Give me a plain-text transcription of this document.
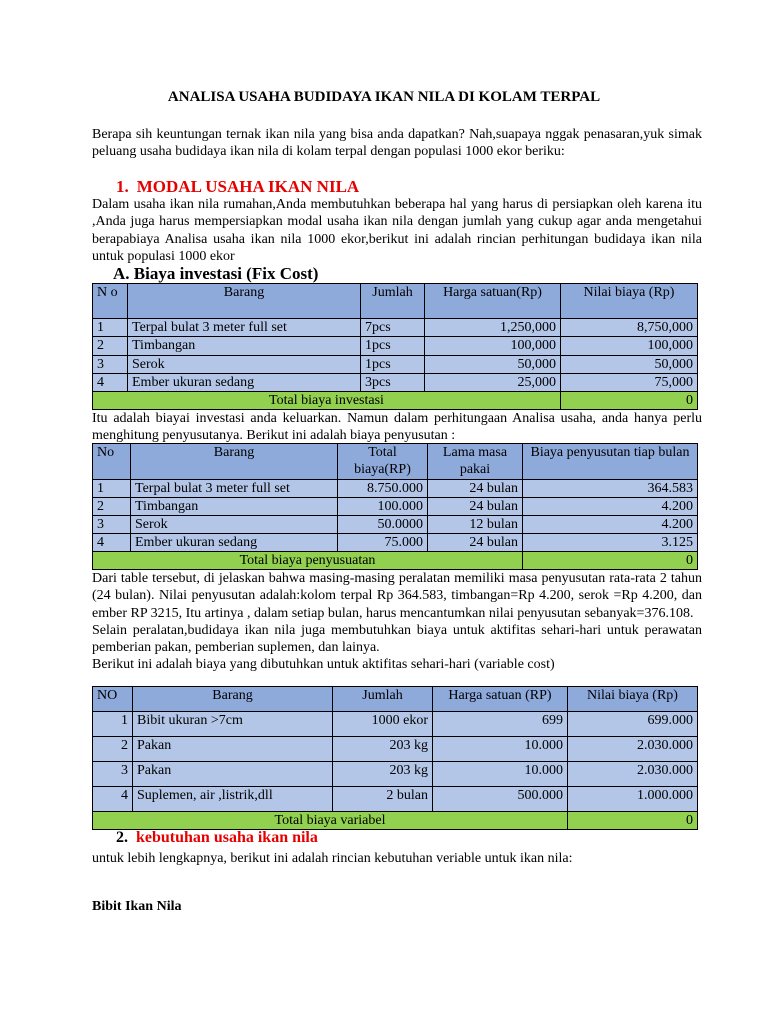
ANALISA USAHA BUDIDAYA IKAN NILA DI KOLAM TERPAL
Berapa sih keuntungan ternak ikan nila yang bisa anda dapatkan? Nah,suapaya nggak penasaran,yuk simak peluang usaha budidaya ikan nila di kolam terpal dengan populasi 1000 ekor beriku:
1. MODAL USAHA IKAN NILA
Dalam usaha ikan nila rumahan,Anda membutuhkan beberapa hal yang harus di persiapkan oleh karena itu ,Anda juga harus mempersiapkan modal usaha ikan nila dengan jumlah yang cukup agar anda mengetahui berapabiaya Analisa usaha ikan nila 1000 ekor,berikut ini adalah rincian perhitungan budidaya ikan nila untuk populasi 1000 ekor
A. Biaya investasi (Fix Cost)
N o	Barang	Jumlah	Harga satuan(Rp)	Nilai biaya (Rp)
1	Terpal bulat 3 meter full set	7pcs	1,250,000	8,750,000
2	Timbangan	1pcs	100,000	100,000
3	Serok	1pcs	50,000	50,000
4	Ember ukuran sedang	3pcs	25,000	75,000
Total biaya investasi				0
Itu adalah biayai investasi anda keluarkan. Namun dalam perhitungaan Analisa usaha, anda hanya perlu menghitung penyusutanya. Berikut ini adalah biaya penyusutan :
No	Barang	Total biaya(RP)	Lama masa pakai	Biaya penyusutan tiap bulan
1	Terpal bulat 3 meter full set	8.750.000	24 bulan	364.583
2	Timbangan	100.000	24 bulan	4.200
3	Serok	50.0000	12 bulan	4.200
4	Ember ukuran sedang	75.000	24 bulan	3.125
Total biaya penyusuatan				0

Dari table tersebut, di jelaskan bahwa masing-masing peralatan memiliki masa penyusutan rata-rata 2 tahun (24 bulan). Nilai penyusutan adalah:kolom terpal Rp 364.583, timbangan=Rp 4.200, serok =Rp 4.200, dan ember RP 3215, Itu artinya , dalam setiap bulan, harus mencantumkan nilai penyusutan sebanyak=376.108.

Selain peralatan,budidaya ikan nila juga membutuhkan biaya untuk aktifitas sehari-hari untuk perawatan pemberian pakan, pemberian suplemen, dan lainya.

Berikut ini adalah biaya yang dibutuhkan untuk aktifitas sehari-hari (variable cost)

NO	Barang	Jumlah	Harga satuan (RP)	Nilai biaya (Rp)
1	Bibit ukuran >7cm	1000 ekor	699	699.000
2	Pakan	203 kg	10.000	2.030.000
3	Pakan	203 kg	10.000	2.030.000
4	Suplemen, air ,listrik,dll	2 bulan	500.000	1.000.000
Total biaya variabel				0
2. kebutuhan usaha ikan nila
untuk lebih lengkapnya, berikut ini adalah rincian kebutuhan veriable untuk ikan nila:
Bibit Ikan Nila
